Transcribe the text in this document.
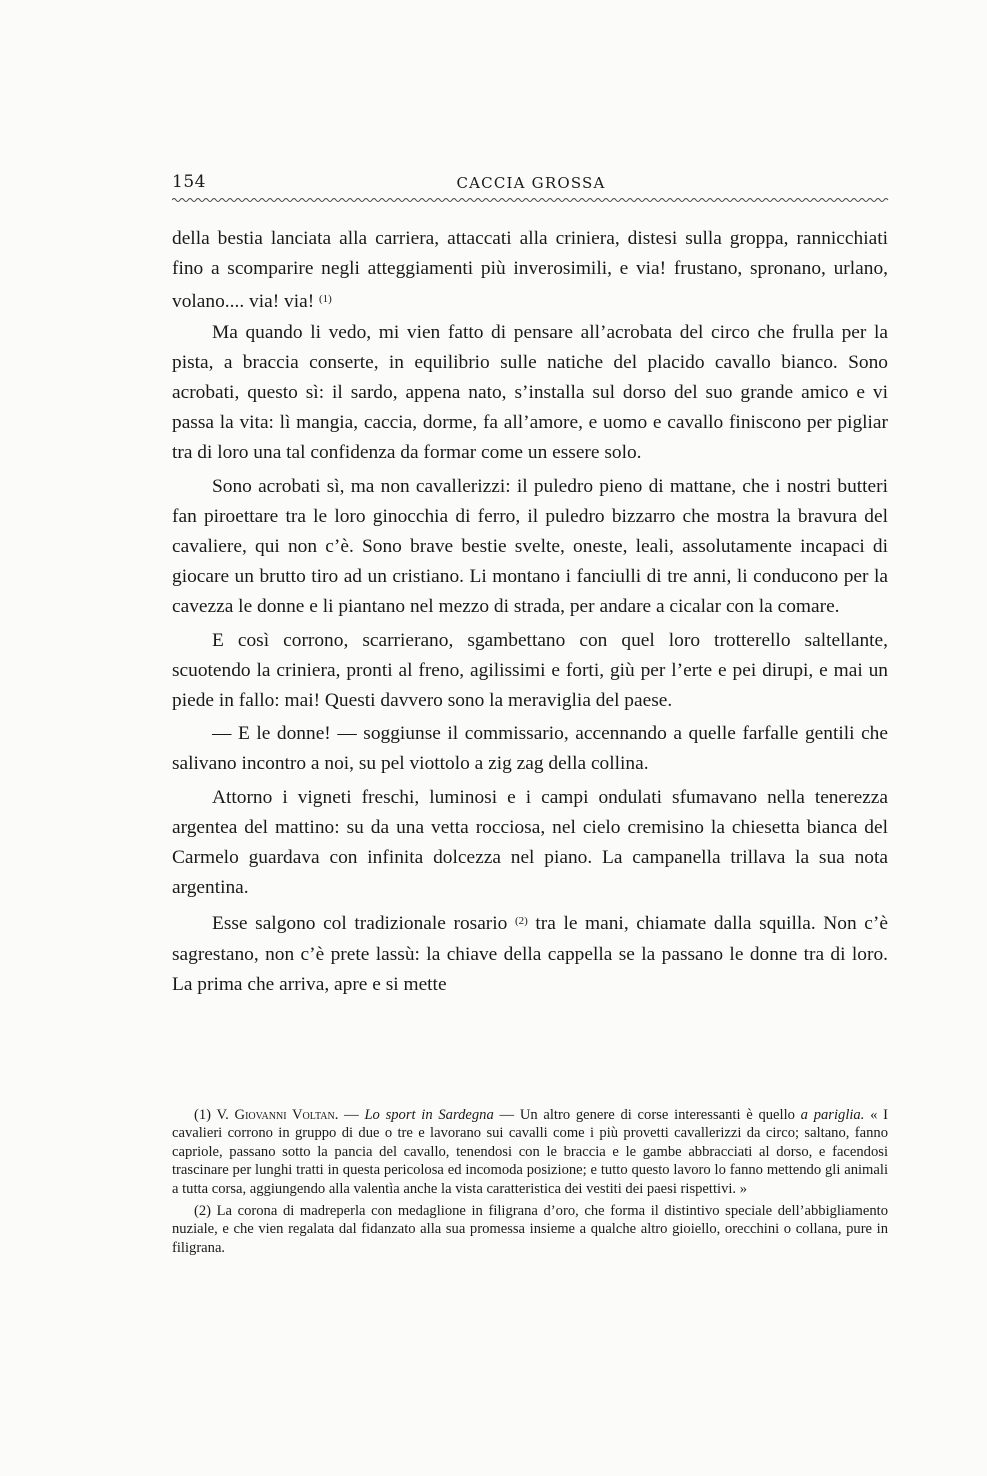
154	CACCIA GROSSA

della bestia lanciata alla carriera, attaccati alla criniera, distesi sulla groppa, rannicchiati fino a scomparire negli atteggiamenti più inverosimili, e via! frustano, spronano, urlano, volano.... via! via! $^{(1)}$

Ma quando li vedo, mi vien fatto di pensare all’acrobata del circo che frulla per la pista, a braccia conserte, in equilibrio sulle natiche del placido cavallo bianco. Sono acrobati, questo sì: il sardo, appena nato, s’installa sul dorso del suo grande amico e vi passa la vita: lì mangia, caccia, dorme, fa all’amore, e uomo e cavallo finiscono per pigliar tra di loro una tal confidenza da formar come un essere solo.

Sono acrobati sì, ma non cavallerizzi: il puledro pieno di mattane, che i nostri butteri fan piroettare tra le loro ginocchia di ferro, il puledro bizzarro che mostra la bravura del cavaliere, qui non c’è. Sono brave bestie svelte, oneste, leali, assolutamente incapaci di giocare un brutto tiro ad un cristiano. Li montano i fanciulli di tre anni, li conducono per la cavezza le donne e li piantano nel mezzo di strada, per andare a cicalar con la comare.

E così corrono, scarrierano, sgambettano con quel loro trotterello saltellante, scuotendo la criniera, pronti al freno, agilissimi e forti, giù per l’erte e pei dirupi, e mai un piede in fallo: mai! Questi davvero sono la meraviglia del paese.

— E le donne! — soggiunse il commissario, accennando a quelle farfalle gentili che salivano incontro a noi, su pel viottolo a zig zag della collina.

Attorno i vigneti freschi, luminosi e i campi ondulati sfumavano nella tenerezza argentea del mattino: su da una vetta rocciosa, nel cielo cremisino la chiesetta bianca del Carmelo guardava con infinita dolcezza nel piano. La campanella trillava la sua nota argentina.

Esse salgono col tradizionale rosario $^{(2)}$ tra le mani, chiamate dalla squilla. Non c’è sagrestano, non c’è prete lassù: la chiave della cappella se la passano le donne tra di loro. La prima che arriva, apre e si mette

(1) V. Giovanni Voltan. — Lo sport in Sardegna — Un altro genere di corse interessanti è quello a pariglia. « I cavalieri corrono in gruppo di due o tre e lavorano sui cavalli come i più provetti cavallerizzi da circo; saltano, fanno capriole, passano sotto la pancia del cavallo, tenendosi con le braccia e le gambe abbracciati al dorso, e facendosi trascinare per lunghi tratti in questa pericolosa ed incomoda posizione; e tutto questo lavoro lo fanno mettendo gli animali a tutta corsa, aggiungendo alla valentìa anche la vista caratteristica dei vestiti dei paesi rispettivi. »

(2) La corona di madreperla con medaglione in filigrana d’oro, che forma il distintivo speciale dell’abbigliamento nuziale, e che vien regalata dal fidanzato alla sua promessa insieme a qualche altro gioiello, orecchini o collana, pure in filigrana.
